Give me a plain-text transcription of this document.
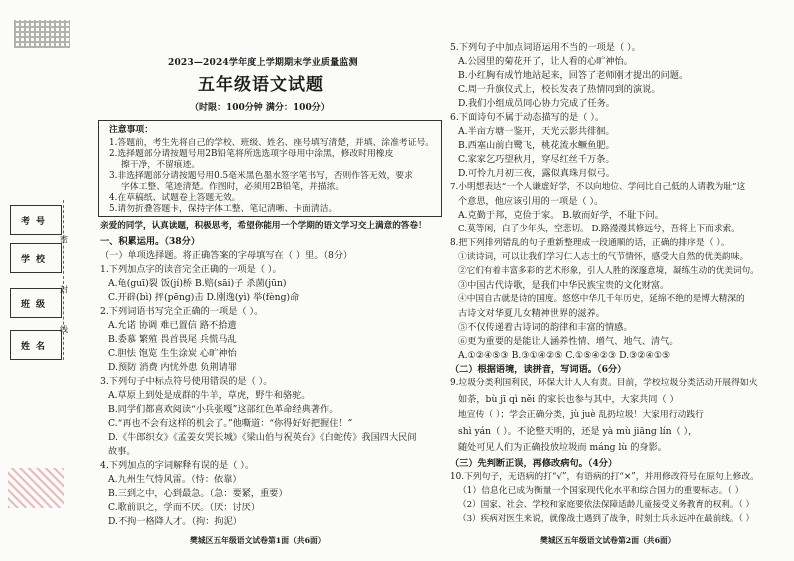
考号
学校
班级
姓名
密
封
线
2023—2024学年度上学期期末学业质量监测
五年级语文试题
（时限：100分钟 满分：100分）
注意事项：
1.答题前，考生先将自己的学校、班级、姓名、座号填写清楚，并填、涂准考证号。
2.选择题部分请按题号用2B铅笔将所选选项字母用中涂黑，修改时用橡皮
擦干净，不留痕迹。
3.非选择题部分请按题号用0.5毫米黑色墨水签字笔书写，否则作答无效，要求
字体工整、笔迹清楚。作图时，必须用2B铅笔，并描浓。
4.在草稿纸、试题卷上答题无效。
5.请勿折叠答题卡，保持字体工整、笔记清晰、卡面清洁。
亲爱的同学，认真读题，积极思考，希望你能用一个学期的语文学习交上满意的答卷！
一、积累运用。（38分）
（一）单项选择题。将正确答案的字母填写在（ ）里。（8分）
1.下列加点字的读音完全正确的一项是（ ）。
A.龟(guī)裂 饭(jí)桥 B.赔(sāi)子 杀菌(jūn)
C.开辟(bì) 抨(pēng)击 D.刚逸(yì) 举(fèng)命
2.下列词语书写完全正确的一项是（ ）。
A.允诺 协调 难已置信 路不拾遗
B.委慕 繁殖 畏首畏尾 兵慌马乱
C.胆怯 饱览 生生涂炭 心旷神怡
D.预防 消费 内忧外患 负荆请罪
3.下列句子中标点符号使用错误的是（ ）。
A.草原上到处是成群的牛羊，草虎，野牛和骆驼。
B.同学们都喜欢阅读“小兵张嘎”这部红色革命经典著作。
C.“再也不会有这样的机会了。”他嘶道：“你得好好把握住！”
D.《牛郎织女》《孟姜女哭长城》《梁山伯与祝英台》《白蛇传》我国四大民间
故事。
4.下列加点的字词解释有误的是（ ）。
A.九州生气恃风雷。（恃：依靠）
B.三到之中，心到最急。（急：要紧，重要）
C.歌前识之，学而不厌。（厌：讨厌）
D.不拘一格降人才。（拘：拘泥）
樊城区五年级语文试卷第1面（共6面）
5.下列句子中加点词语运用不当的一项是（ ）。
A.公园里的菊花开了，让人看的心旷神怡。
B.小红胸有成竹地站起来，回答了老师刚才提出的问题。
C.周一升旗仪式上，校长发表了热情同到的演说。
D.我们小组成员同心协力完成了任务。
6.下面诗句不属于动态描写的是（ ）。
A.半亩方塘一鉴开，天光云影共徘徊。
B.西塞山前白鹭飞，桃花流水鳜鱼肥。
C.家家乞巧望秋月，穿尽红丝千万条。
D.可怜九月初三夜，露似真珠月似弓。
7.小明想表达“一个人谦虚好学，不以向地位、学问比自己低的人请教为耻”这
个意思，他应该引用的一项是（ ）。
A.克勤于邦，克俭于家。 B.敏而好学，不耻下问。
C.莫等闲，白了少年头，空悲切。 D.路漫漫其修远兮，吾将上下而求索。
8.把下列排列错乱的句子重新整理成一段通顺的话，正确的排序是（ ）。
①读诗词，可以让我们学习仁人志士的气节情怀，感受大自然的优美韵味。
②它们有着丰富多彩的艺术形象，引人人胜的深邃意境，凝练生动的优美词句。
③中国古代诗歌，是我们中华民族宝贵的文化财富。
④中国自古就是诗的国度。悠悠中华几千年历史，延绵不绝的是博大精深的
古诗文对华夏儿女精神世界的滋养。
⑤不仅传递着古诗词的韵律和丰富的情感。
⑥更为重要的是能让人涵养性情、增气、地气、清气。
A.①②④⑤③ B.③①④②⑤ C.①⑤④②③ D.③②④①⑤
（二）根据语境，读拼音，写词语。（6分）
9.垃圾分类利国利民，环保大计人人有责。目前，学校垃圾分类活动开展得如火
如荼，bù jī qì něi 的家长也参与其中，大家共同（ ）
地宣传（ ）；学会正确分类，jù juè 乱扔垃圾！大家用行动践行
shì yán（ ）。不论整天明的，还是 yà mù jiāng lín（ ），
随处可见人们为正确投放垃圾而 máng lù 的身影。
（三）先判断正误，再修改病句。（4分）
10.下列句子，无语病的打“√”，有语病的打“×”，并用修改符号在原句上修改。
（1）信息化已成为衡量一个国家现代化水平和综合国力的重要标志。（ ）
（2）国家、社会、学校和家庭要依法保障适龄儿童接受义务教育的权利。（ ）
（3）疾病对医生来说，就像战士遇到了战争，时刻士兵永远冲在最前线。（ ）
樊城区五年级语文试卷第2面（共6面）
